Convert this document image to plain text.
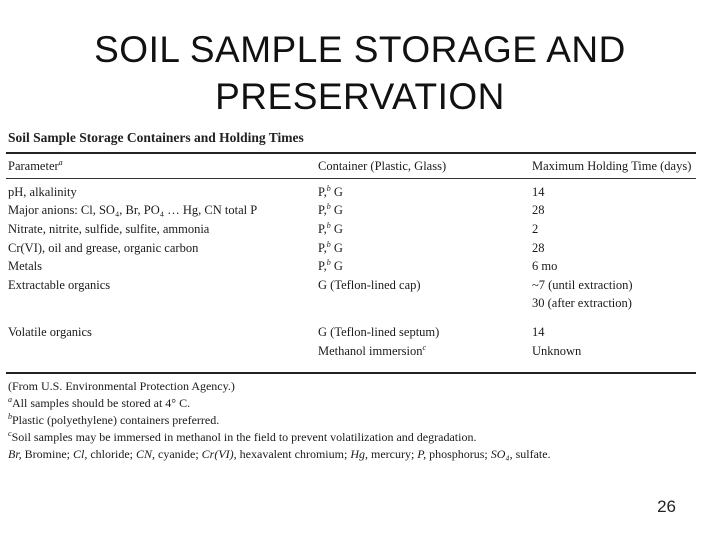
SOIL SAMPLE STORAGE AND PRESERVATION
Soil Sample Storage Containers and Holding Times
Parameter$^a$	Container (Plastic, Glass)	Maximum Holding Time (days)

pH, alkalinity	P,$^b$ G	14
Major anions: Cl, SO₄, Br, PO₄ … Hg, CN total P	P,$^b$ G	28
Nitrate, nitrite, sulfide, sulfite, ammonia	P,$^b$ G	2
Cr(VI), oil and grease, organic carbon	P,$^b$ G	28
Metals	P,$^b$ G	6 mo
Extractable organics	G (Teflon-lined cap)	~7 (until extraction)
		30 (after extraction)

Volatile organics	G (Teflon-lined septum)	14
	Methanol immersion$^c$	Unknown
(From U.S. Environmental Protection Agency.)
$^a$All samples should be stored at 4° C.
$^b$Plastic (polyethylene) containers preferred.
$^c$Soil samples may be immersed in methanol in the field to prevent volatilization and degradation.
Br, Bromine; Cl, chloride; CN, cyanide; Cr(VI), hexavalent chromium; Hg, mercury; P, phosphorus; SO₄, sulfate.
26
